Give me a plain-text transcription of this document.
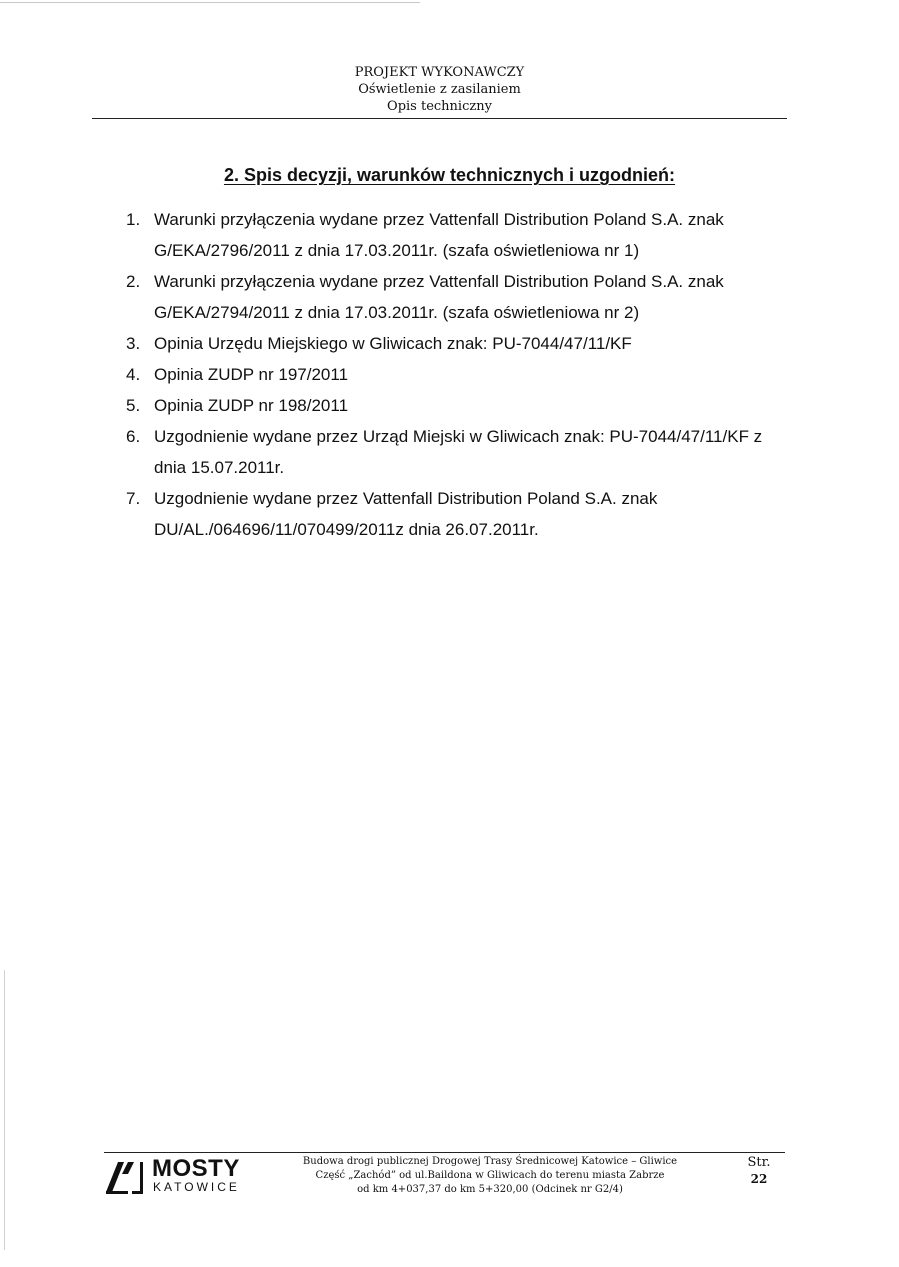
PROJEKT WYKONAWCZY
Oświetlenie z zasilaniem
Opis techniczny
2. Spis decyzji, warunków technicznych i uzgodnień:
1. Warunki przyłączenia wydane przez Vattenfall Distribution Poland S.A. znak
G/EKA/2796/2011 z dnia 17.03.2011r. (szafa oświetleniowa nr 1)
2. Warunki przyłączenia wydane przez Vattenfall Distribution Poland S.A. znak
G/EKA/2794/2011 z dnia 17.03.2011r. (szafa oświetleniowa nr 2)
3. Opinia Urzędu Miejskiego w Gliwicach znak: PU-7044/47/11/KF
4. Opinia ZUDP nr 197/2011
5. Opinia ZUDP nr 198/2011
6. Uzgodnienie wydane przez Urząd Miejski w Gliwicach znak: PU-7044/47/11/KF z
dnia 15.07.2011r.
7. Uzgodnienie wydane przez Vattenfall Distribution Poland S.A. znak
DU/AL./064696/11/070499/2011z dnia 26.07.2011r.
MOSTY
KATOWICE
Budowa drogi publicznej Drogowej Trasy Średnicowej Katowice – Gliwice
Część „Zachód” od ul.Baildona w Gliwicach do terenu miasta Zabrze
od km 4+037,37 do km 5+320,00 (Odcinek nr G2/4)
Str.
22
